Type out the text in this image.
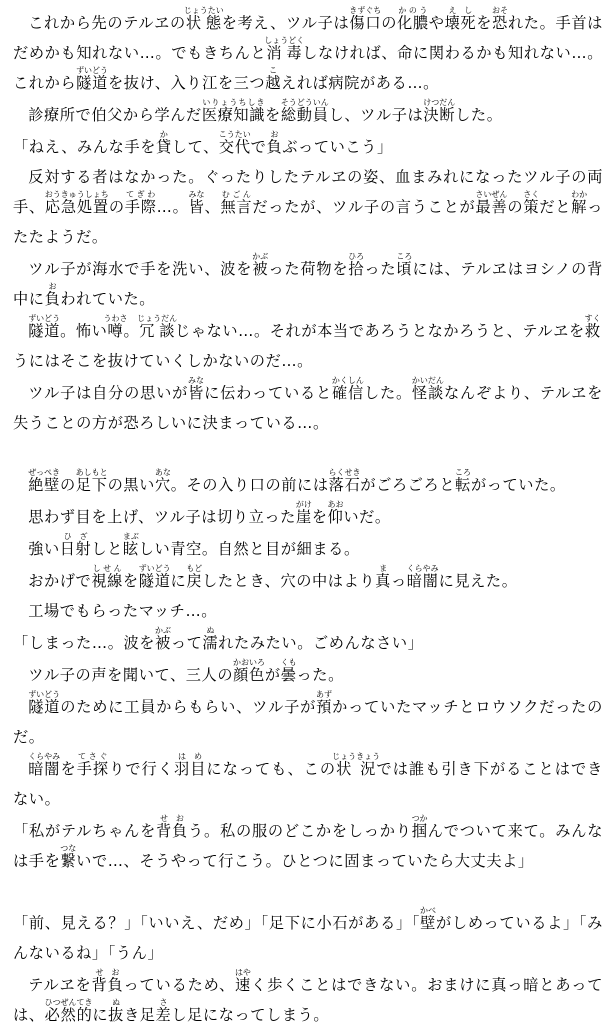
これから先のテルヱの状態じょうたいを考え、ツル子は傷口きずぐちの化膿かのうや壊死えしを恐おそれた。手首はだめかも知れない…。でもきちんと消毒しょうどくしなければ、命に関わるかも知れない…。これから隧道ずいどうを抜け、入り江を三つ越こえれば病院がある…。

診療所で伯父から学んだ医療知識いりょうちしきを総動員そうどういんし、ツル子は決断けつだんした。

「ねえ、みんな手を貸かして、交代こうたいで負おぶっていこう」

反対する者はなかった。ぐったりしたテルヱの姿、血まみれになったツル子の両手、応急処置おうきゅうしょちの手際てぎわ…。皆みな、無言むごんだったが、ツル子の言うことが最善さいぜんの策さくだと解わかったたようだ。

ツル子が海水で手を洗い、波を被かぶった荷物を拾ひろった頃ころには、テルヱはヨシノの背中に負おわれていた。

隧道ずいどう。怖い噂うわさ。冗談じょうだんじゃない…。それが本当であろうとなかろうと、テルヱを救すくうにはそこを抜けていくしかないのだ…。

ツル子は自分の思いが皆みなに伝わっていると確信かくしんした。怪談かいだんなんぞより、テルヱを失うことの方が恐ろしいに決まっている…。

絶壁ぜっぺきの足下あしもとの黒い穴あな。その入り口の前には落石らくせきがごろごろと転ころがっていた。

思わず目を上げ、ツル子は切り立った崖がけを仰あおいだ。

強い日射ひざしと眩まぶしい青空。自然と目が細まる。

おかげで視線しせんを隧道ずいどうに戻もどしたとき、穴の中はより真まっ暗闇くらやみに見えた。

工場でもらったマッチ…。

「しまった…。波を被かぶって濡ぬれたみたい。ごめんなさい」

ツル子の声を聞いて、三人の顔色かおいろが曇くもった。

隧道ずいどうのために工員からもらい、ツル子が預あずかっていたマッチとロウソクだったのだ。

暗闇くらやみを手探てさぐりで行く羽目はめになっても、この状況じょうきょうでは誰も引き下がることはできない。

「私がテルちゃんを背負せおう。私の服のどこかをしっかり掴つかんでついて来て。みんなは手を繋つないで…、そうやって行こう。ひとつに固まっていたら大丈夫よ」

「前、見える？」「いいえ、だめ」「足下に小石がある」「壁かべがしめっているよ」「みんないるね」「うん」

テルヱを背負せおっているため、速はやく歩くことはできない。おまけに真っ暗とあっては、必然的ひつぜんてきに抜ぬき足差さし足になってしまう。
